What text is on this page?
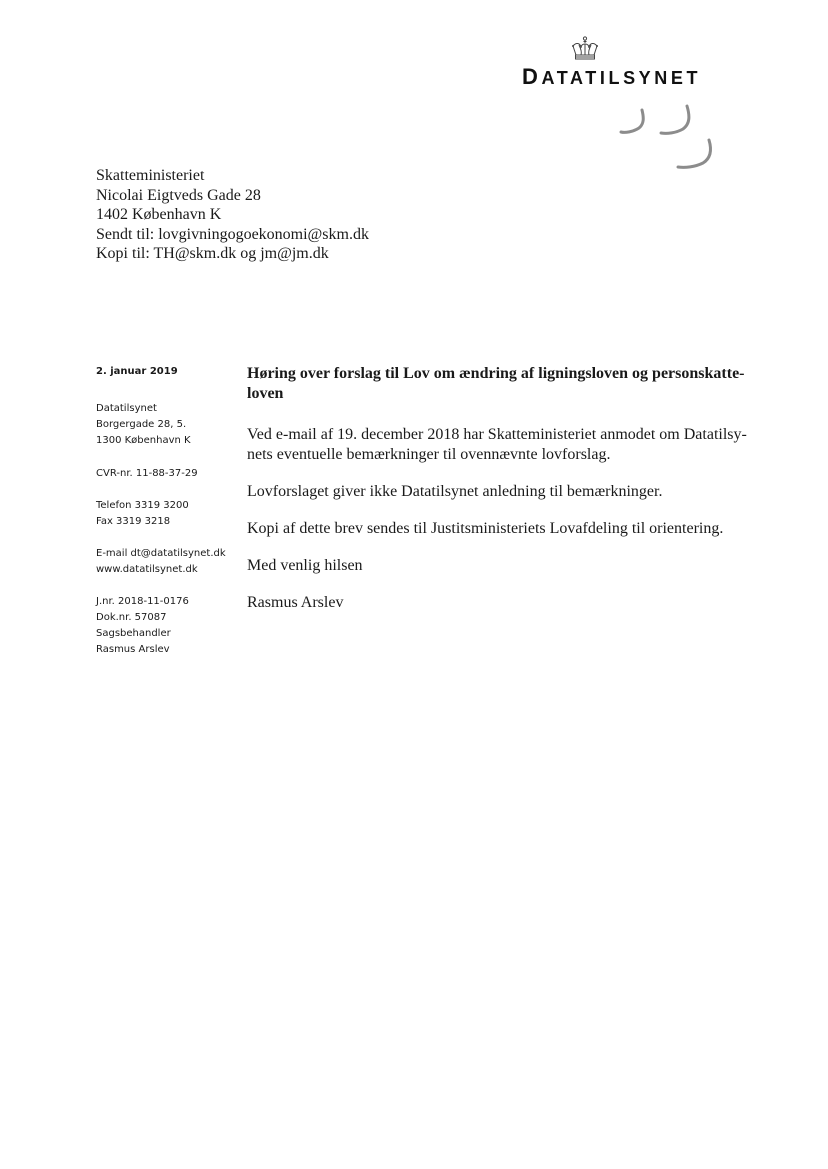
DATATILSYNET
Skatteministeriet
Nicolai Eigtveds Gade 28
1402 København K
Sendt til: lovgivningogoekonomi@skm.dk
Kopi til: TH@skm.dk og jm@jm.dk
2. januar 2019
Datatilsynet
Borgergade 28, 5.
1300 København K
CVR-nr. 11-88-37-29
Telefon 3319 3200
Fax 3319 3218
E-mail dt@datatilsynet.dk
www.datatilsynet.dk
J.nr. 2018-11-0176
Dok.nr. 57087
Sagsbehandler
Rasmus Arslev
Høring over forslag til Lov om ændring af ligningsloven og personskatte-
loven

Ved e-mail af 19. december 2018 har Skatteministeriet anmodet om Datatilsy-
nets eventuelle bemærkninger til ovennævnte lovforslag.

Lovforslaget giver ikke Datatilsynet anledning til bemærkninger.

Kopi af dette brev sendes til Justitsministeriets Lovafdeling til orientering.

Med venlig hilsen

Rasmus Arslev
